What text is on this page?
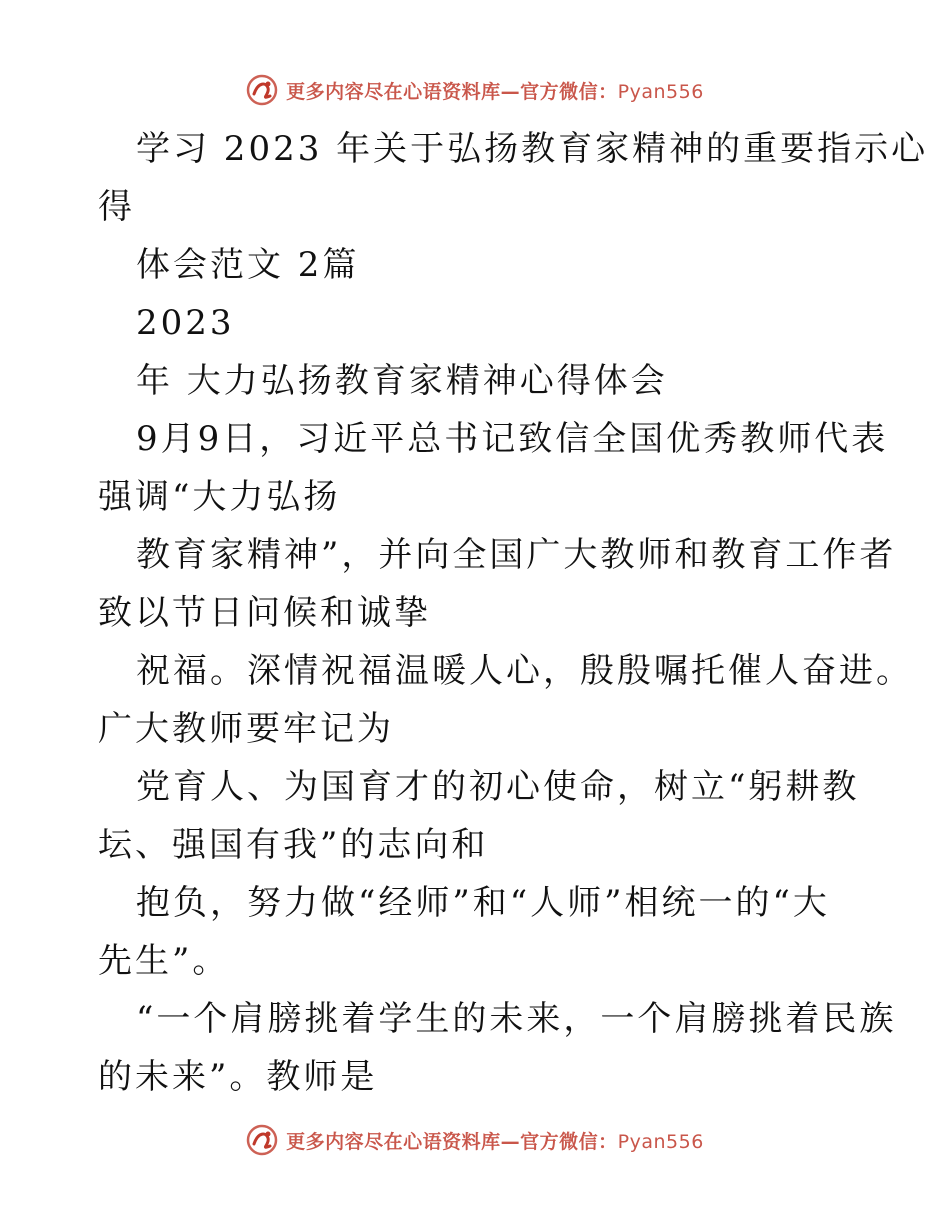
更多内容尽在心语资料库—官方微信：Pyan556
学习 2023 年关于弘扬教育家精神的重要指示心
得
体会范文 2篇
2023
年 大力弘扬教育家精神心得体会
9月9日，习近平总书记致信全国优秀教师代表
强调“大力弘扬
教育家精神”，并向全国广大教师和教育工作者
致以节日问候和诚挚
祝福。深情祝福温暖人心，殷殷嘱托催人奋进。
广大教师要牢记为
党育人、为国育才的初心使命，树立“躬耕教
坛、强国有我”的志向和
抱负，努力做“经师”和“人师”相统一的“大
先生”。
“一个肩膀挑着学生的未来，一个肩膀挑着民族
的未来”。教师是
更多内容尽在心语资料库—官方微信：Pyan556
